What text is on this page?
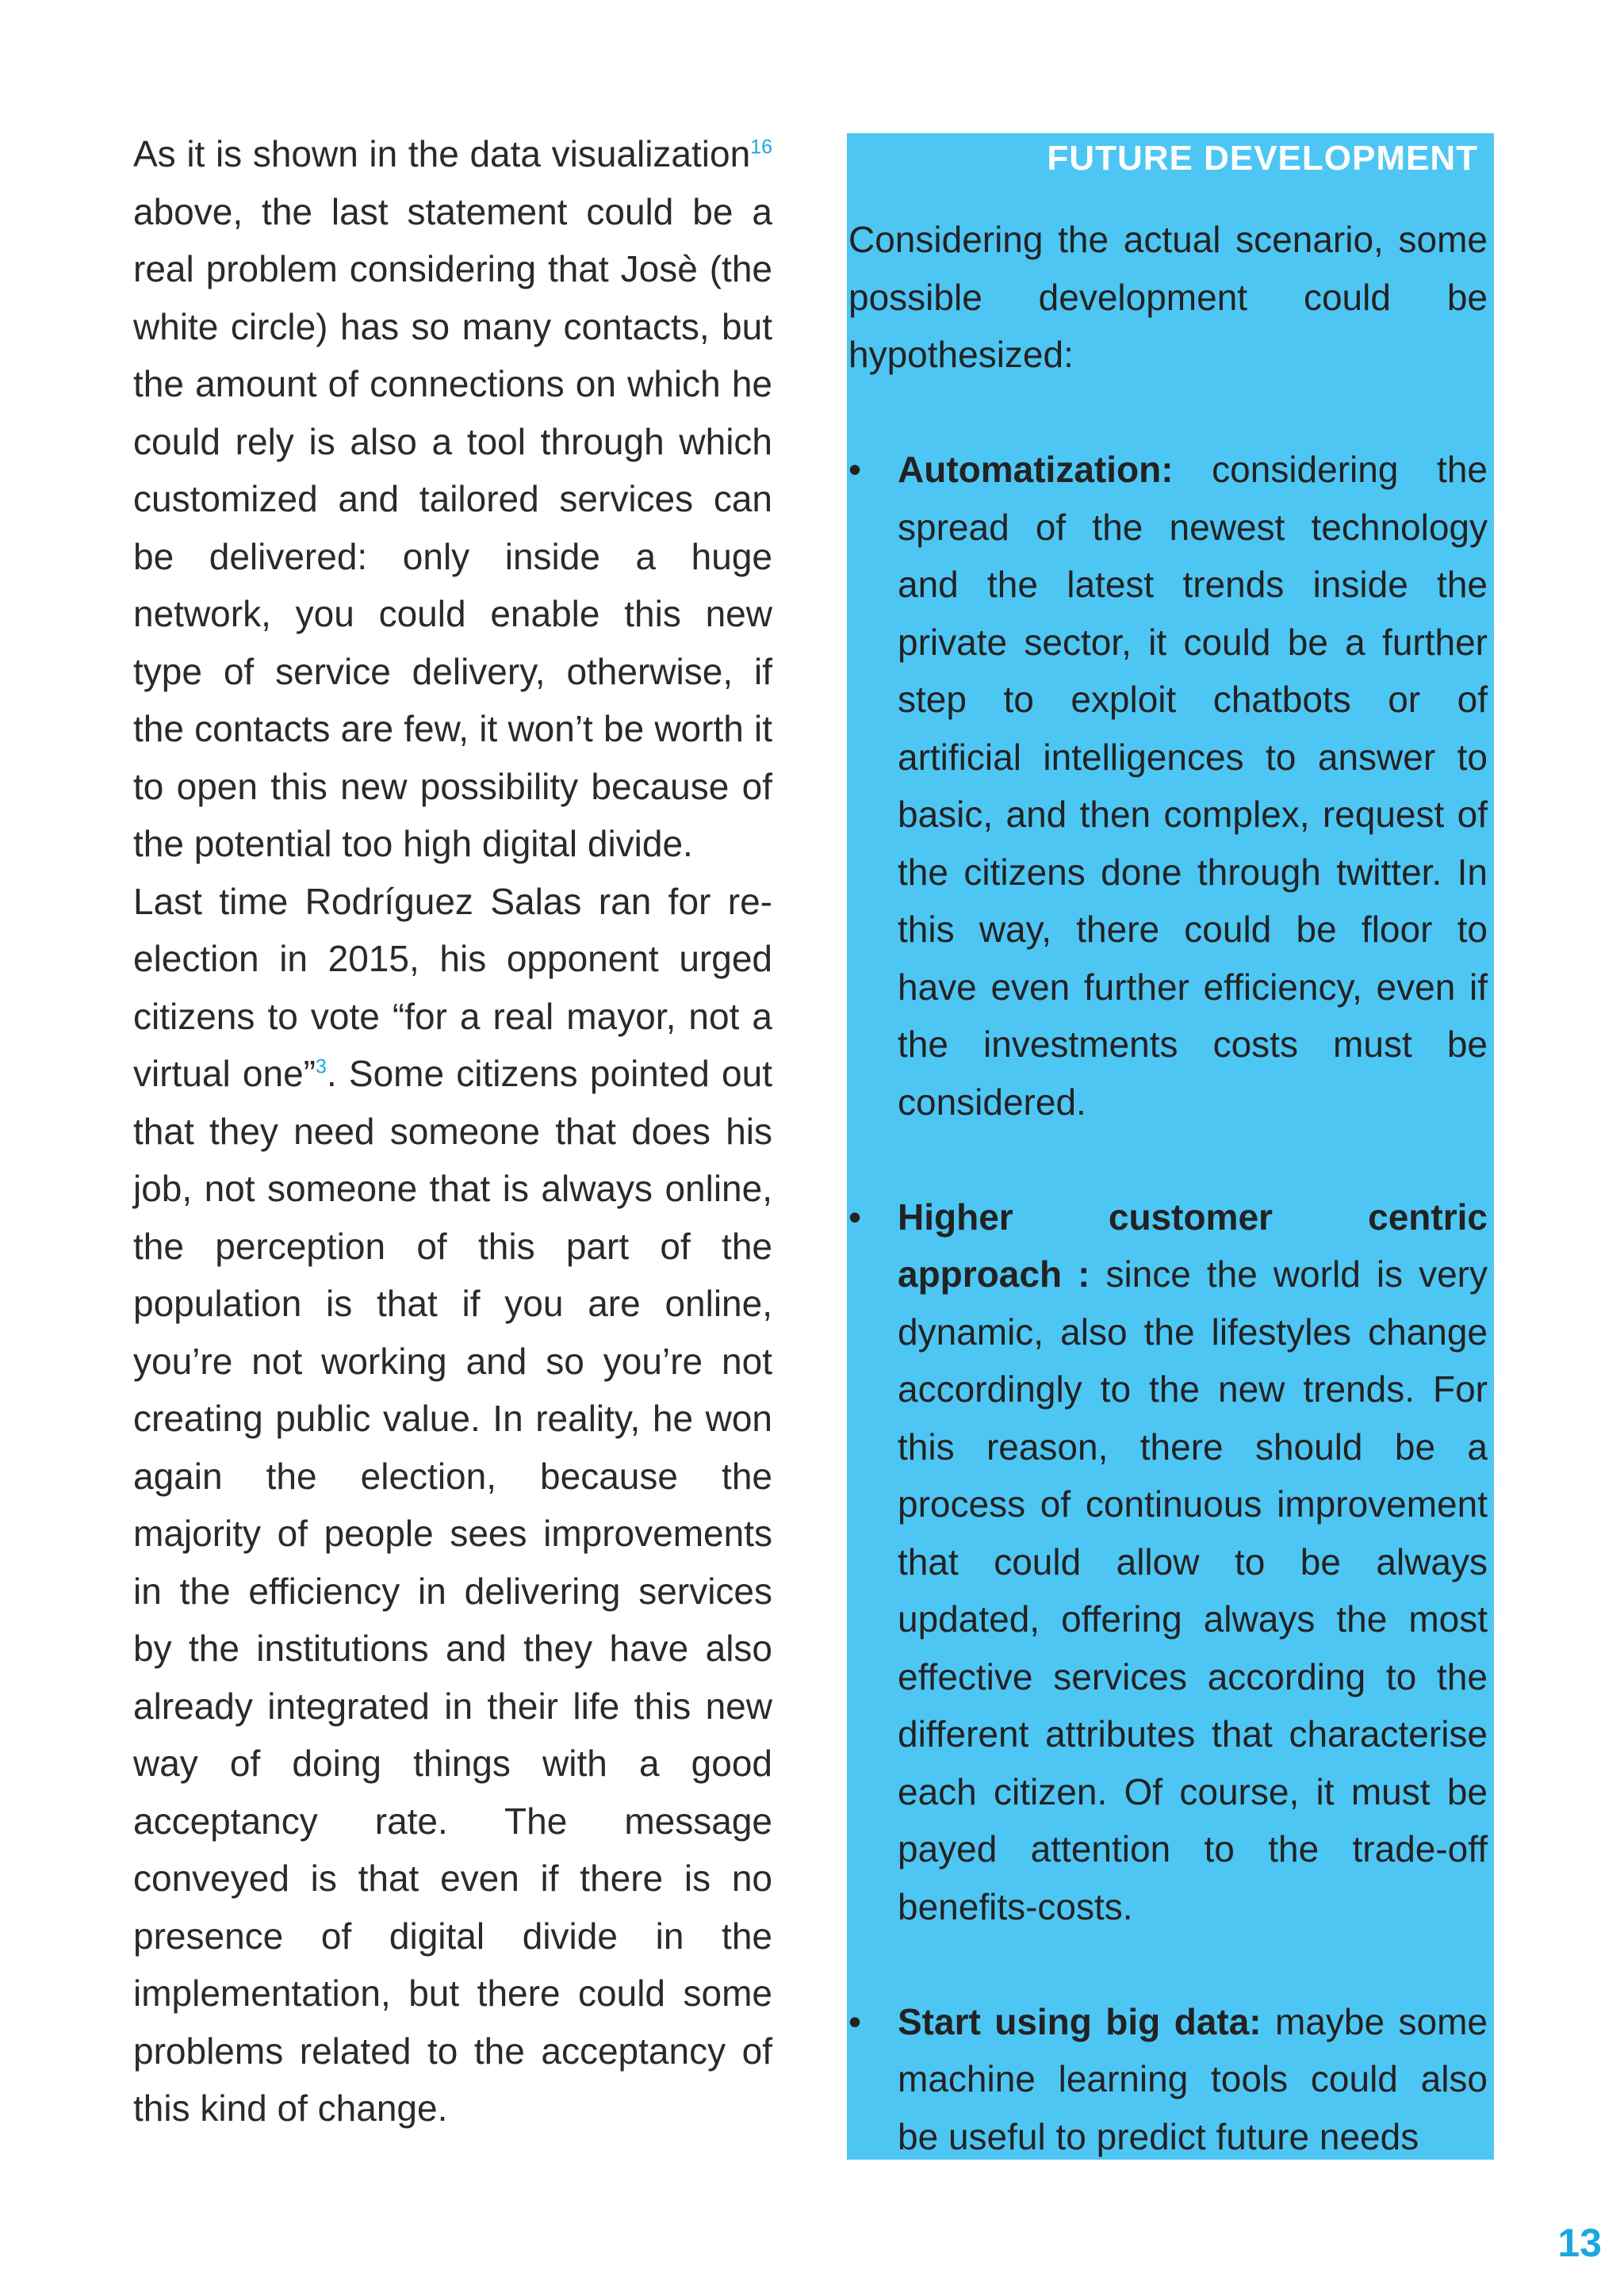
As it is shown in the data visualization$^{16}$ above, the last statement could be a real problem considering that Josè (the white circle) has so many contacts, but the amount of connections on which he could rely is also a tool through which customized and tailored services can be delivered: only inside a huge network, you could enable this new type of service delivery, otherwise, if the contacts are few, it won’t be worth it to open this new possibility because of the potential too high digital divide.

Last time Rodríguez Salas ran for re-election in 2015, his opponent urged citizens to vote “for a real mayor, not a virtual one”$^3$. Some citizens pointed out that they need someone that does his job, not someone that is always online, the perception of this part of the population is that if you are online, you’re not working and so you’re not creating public value. In reality, he won again the election, because the majority of people sees improvements in the efficiency in delivering services by the institutions and they have also already integrated in their life this new way of doing things with a good acceptancy rate. The message conveyed is that even if there is no presence of digital divide in the implementation, but there could some problems related to the acceptancy of this kind of change.

FUTURE DEVELOPMENT

Considering the actual scenario, some possible development could be hypothesized:

• Automatization: considering the spread of the newest technology and the latest trends inside the private sector, it could be a further step to exploit chatbots or of artificial intelligences to answer to basic, and then complex, request of the citizens done through twitter. In this way, there could be floor to have even further efficiency, even if the investments costs must be considered.
• Higher customer centric approach : since the world is very dynamic, also the lifestyles change accordingly to the new trends. For this reason, there should be a process of continuous improvement that could allow to be always updated, offering always the most effective services according to the different attributes that characterise each citizen. Of course, it must be payed attention to the trade-off benefits-costs.
• Start using big data: maybe some machine learning tools could also be useful to predict future needs
13
